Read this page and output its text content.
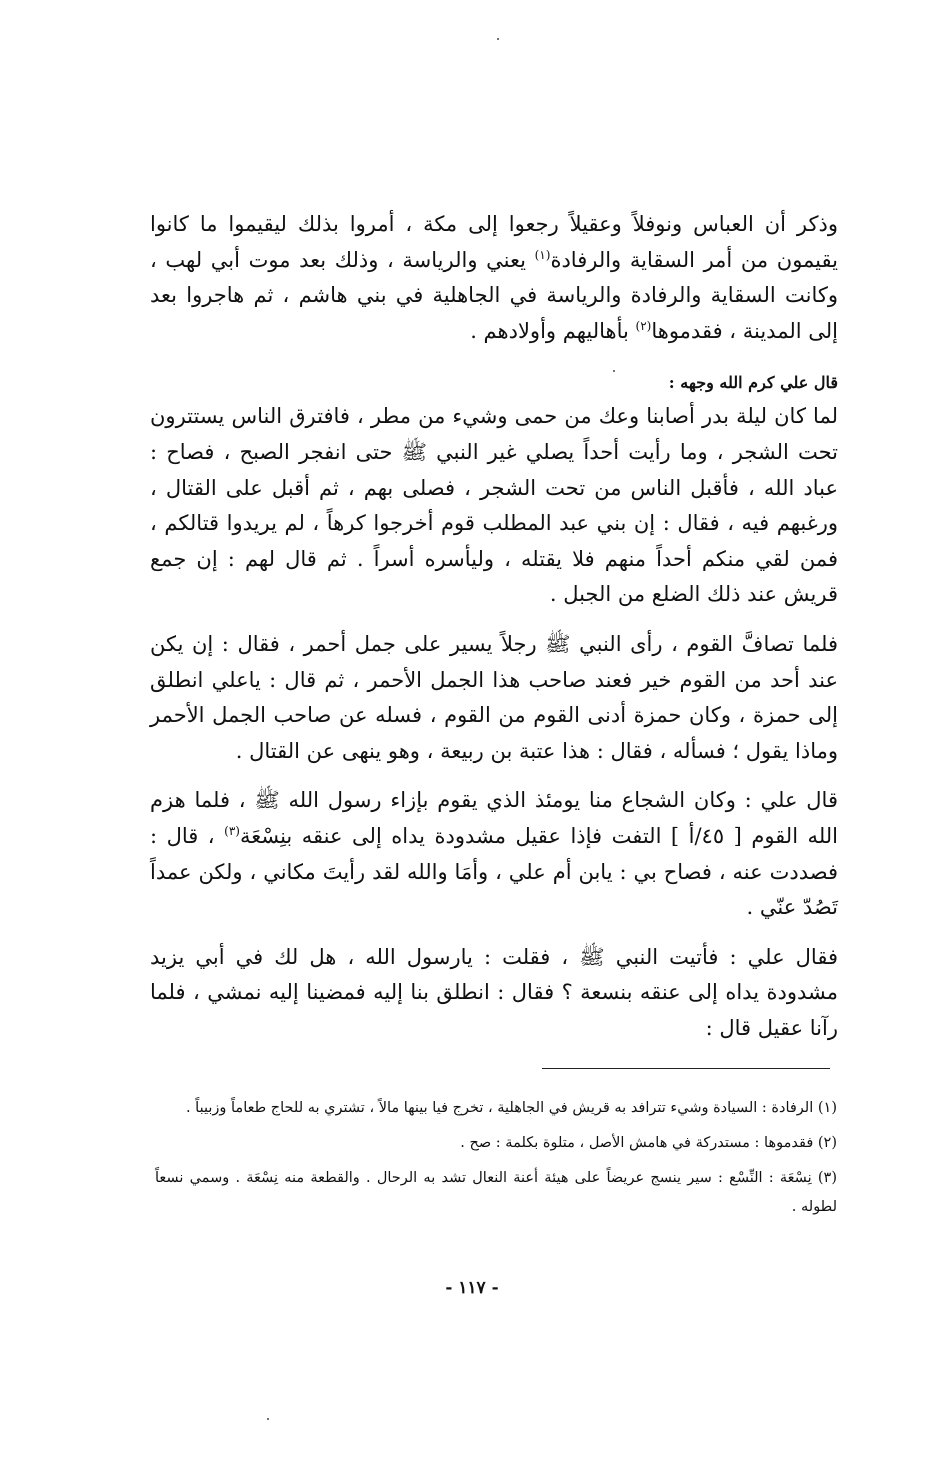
وذكر أن العباس ونوفلاً وعقيلاً رجعوا إلى مكة ، أمروا بذلك ليقيموا ما كانوا يقيمون من أمر السقاية والرفادة$^{(١)}$ يعني والرياسة ، وذلك بعد موت أبي لهب ، وكانت السقاية والرفادة والرياسة في الجاهلية في بني هاشم ، ثم هاجروا بعد إلى المدينة ، فقدموها$^{(٢)}$ بأهاليهم وأولادهم .

قال علي كرم الله وجهه :

لما كان ليلة بدر أصابنا وعك من حمى وشيء من مطر ، فافترق الناس يستترون تحت الشجر ، وما رأيت أحداً يصلي غير النبي ﷺ حتى انفجر الصبح ، فصاح : عباد الله ، فأقبل الناس من تحت الشجر ، فصلى بهم ، ثم أقبل على القتال ، ورغبهم فيه ، فقال : إن بني عبد المطلب قوم أخرجوا كرهاً ، لم يريدوا قتالكم ، فمن لقي منكم أحداً منهم فلا يقتله ، وليأسره أسراً . ثم قال لهم : إن جمع قريش عند ذلك الضلع من الجبل .

فلما تصافَّ القوم ، رأى النبي ﷺ رجلاً يسير على جمل أحمر ، فقال : إن يكن عند أحد من القوم خير فعند صاحب هذا الجمل الأحمر ، ثم قال : ياعلي انطلق إلى حمزة ، وكان حمزة أدنى القوم من القوم ، فسله عن صاحب الجمل الأحمر وماذا يقول ؛ فسأله ، فقال : هذا عتبة بن ربيعة ، وهو ينهى عن القتال .

قال علي : وكان الشجاع منا يومئذ الذي يقوم بإزاء رسول الله ﷺ ، فلما هزم الله القوم [ ٤٥/أ ] التفت فإذا عقيل مشدودة يداه إلى عنقه بنِسْعَة$^{(٣)}$ ، قال : فصددت عنه ، فصاح بي : يابن أم علي ، وأمَا والله لقد رأيتَ مكاني ، ولكن عمداً تَصُدّ عنّي .

فقال علي : فأتيت النبي ﷺ ، فقلت : يارسول الله ، هل لك في أبي يزيد مشدودة يداه إلى عنقه بنسعة ؟ فقال : انطلق بنا إليه فمضينا إليه نمشي ، فلما رآنا عقيل قال :

(١) الرفادة : السيادة وشيء تترافد به قريش في الجاهلية ، تخرج فيا بينها مالاً ، تشتري به للحاج طعاماً وزبيباً .

(٢) فقدموها : مستدركة في هامش الأصل ، متلوة بكلمة : صح .

(٣) نِسْعَة : النِّسْع : سير ينسج عريضاً على هيئة أعنة النعال تشد به الرحال . والقطعة منه نِسْعَة . وسمي نسعاً لطوله .

- ١١٧ -
